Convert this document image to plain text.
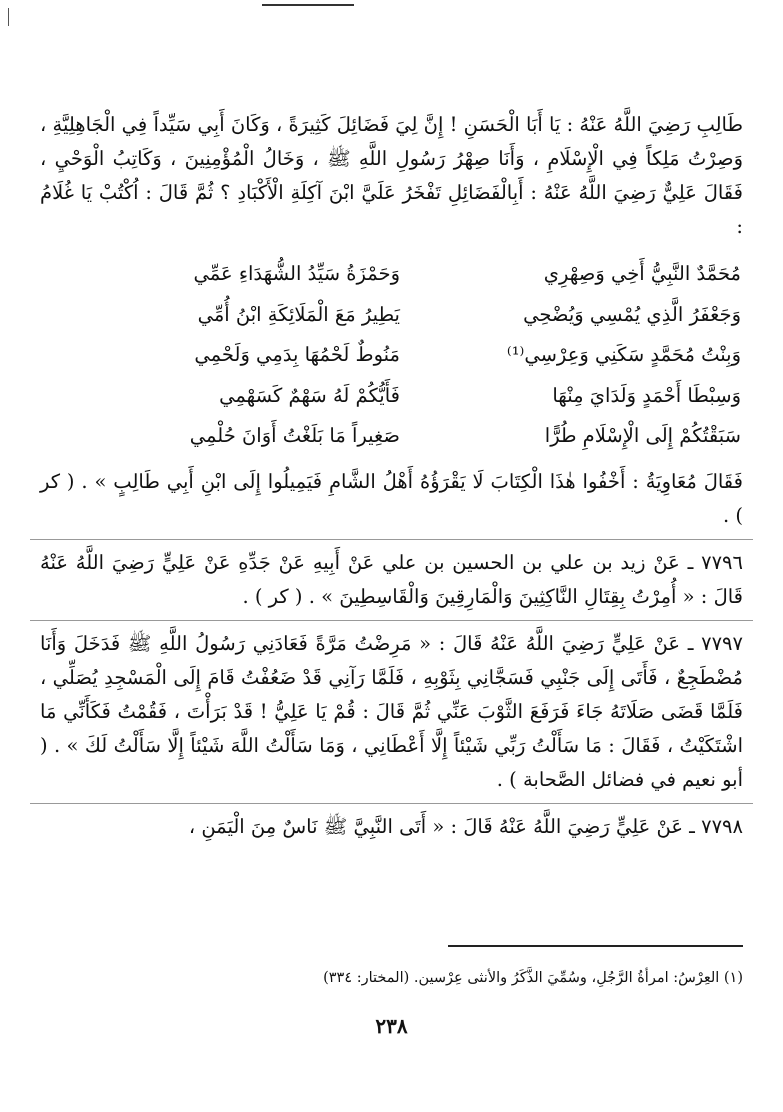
طَالِبِ رَضِيَ اللَّهُ عَنْهُ : يَا أَبَا الْحَسَنِ ! إِنَّ لِيَ فَضَائِلَ كَثِيرَةً ، وَكَانَ أَبِي سَيِّداً فِي الْجَاهِلِيَّةِ ، وَصِرْتُ مَلِكاً فِي الْإِسْلَامِ ، وَأَنَا صِهْرُ رَسُولِ اللَّهِ ﷺ ، وَخَالُ الْمُؤْمِنِينَ ، وَكَاتِبُ الْوَحْيِ ، فَقَالَ عَلِيٌّ رَضِيَ اللَّهُ عَنْهُ : أَبِالْفَضَائِلِ تَفْخَرُ عَلَيَّ ابْنَ آكِلَةِ الْأَكْبَادِ ؟ ثُمَّ قَالَ : اُكْتُبْ يَا غُلَامُ :

مُحَمَّدٌ النَّبِيُّ أَخِي وَصِهْرِي
وَحَمْزَةُ سَيِّدُ الشُّهَدَاءِ عَمِّي
وَجَعْفَرُ الَّذِي يُمْسِي وَيُضْحِي
يَطِيرُ مَعَ الْمَلَائِكَةِ ابْنُ أُمِّي
وَبِنْتُ مُحَمَّدٍ سَكَنِي وَعِرْسِي⁽¹⁾
مَنُوطٌ لَحْمُهَا بِدَمِي وَلَحْمِي
وَسِبْطَا أَحْمَدٍ وَلَدَايَ مِنْهَا
فَأَيُّكُمْ لَهُ سَهْمٌ كَسَهْمِي
سَبَقْتُكُمْ إِلَى الْإِسْلَامِ طُرًّا
صَغِيراً مَا بَلَغْتُ أَوَانَ حُلْمِي

فَقَالَ مُعَاوِيَةُ : أَخْفُوا هٰذَا الْكِتَابَ لَا يَقْرَؤُهُ أَهْلُ الشَّامِ فَيَمِيلُوا إِلَى ابْنِ أَبِي طَالِبٍ » . ( كر ) .

٧٧٩٦ ـ عَنْ زيد بن علي بن الحسين بن علي عَنْ أَبِيهِ عَنْ جَدِّهِ عَنْ عَلِيٍّ رَضِيَ اللَّهُ عَنْهُ قَالَ : « أُمِرْتُ بِقِتَالِ النَّاكِثِينَ وَالْمَارِقِينَ وَالْقَاسِطِينَ » . ( كر ) .

٧٧٩٧ ـ عَنْ عَلِيٍّ رَضِيَ اللَّهُ عَنْهُ قَالَ : « مَرِضْتُ مَرَّةً فَعَادَنِي رَسُولُ اللَّهِ ﷺ فَدَخَلَ وَأَنَا مُضْطَجِعٌ ، فَأَتَى إِلَى جَنْبِي فَسَجَّانِي بِثَوْبِهِ ، فَلَمَّا رَآنِي قَدْ ضَعُفْتُ قَامَ إِلَى الْمَسْجِدِ يُصَلِّي ، فَلَمَّا قَضَى صَلَاتَهُ جَاءَ فَرَفَعَ الثَّوْبَ عَنِّي ثُمَّ قَالَ : قُمْ يَا عَلِيُّ ! قَدْ بَرَأْتَ ، فَقُمْتُ فَكَأَنِّي مَا اشْتَكَيْتُ ، فَقَالَ : مَا سَأَلْتُ رَبِّي شَيْئاً إِلَّا أَعْطَانِي ، وَمَا سَأَلْتُ اللَّهَ شَيْئاً إِلَّا سَأَلْتُ لَكَ » . ( أبو نعيم في فضائل الصَّحابة ) .

٧٧٩٨ ـ عَنْ عَلِيٍّ رَضِيَ اللَّهُ عَنْهُ قَالَ : « أَتَى النَّبِيَّ ﷺ نَاسٌ مِنَ الْيَمَنِ ،

(١) العِرْسُ: امرأةُ الرَّجُلِ، وسُمِّيَ الذَّكَرُ والأنثى عِرْسين. (المختار: ٣٣٤)
٢٣٨
